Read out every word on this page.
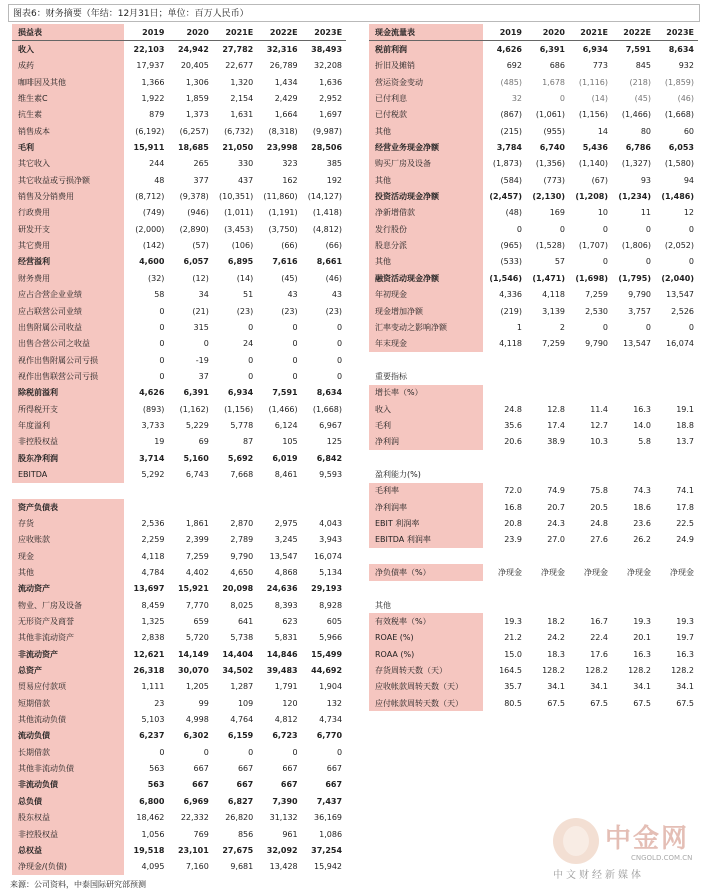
图表6：财务摘要（年结：12月31日；单位：百万人民币）
损益表	2019	2020	2021E	2022E	2023E
收入	22,103	24,942	27,782	32,316	38,493
成药	17,937	20,405	22,677	26,789	32,208
咖啡因及其他	1,366	1,306	1,320	1,434	1,636
维生素C	1,922	1,859	2,154	2,429	2,952
抗生素	879	1,373	1,631	1,664	1,697
销售成本	(6,192)	(6,257)	(6,732)	(8,318)	(9,987)
毛利	15,911	18,685	21,050	23,998	28,506
其它收入	244	265	330	323	385
其它收益或亏损净额	48	377	437	162	192
销售及分销费用	(8,712)	(9,378)	(10,351)	(11,860)	(14,127)
行政费用	(749)	(946)	(1,011)	(1,191)	(1,418)
研发开支	(2,000)	(2,890)	(3,453)	(3,750)	(4,812)
其它费用	(142)	(57)	(106)	(66)	(66)
经营溢利	4,600	6,057	6,895	7,616	8,661
财务费用	(32)	(12)	(14)	(45)	(46)
应占合营企业业绩	58	34	51	43	43
应占联营公司业绩	0	(21)	(23)	(23)	(23)
出售附属公司收益	0	315	0	0	0
出售合营公司之收益	0	0	24	0	0
视作出售附属公司亏损	0	-19	0	0	0
视作出售联营公司亏损	0	37	0	0	0
除税前溢利	4,626	6,391	6,934	7,591	8,634
所得税开支	(893)	(1,162)	(1,156)	(1,466)	(1,668)
年度溢利	3,733	5,229	5,778	6,124	6,967
非控股权益	19	69	87	105	125
股东净利润	3,714	5,160	5,692	6,019	6,842
EBITDA	5,292	6,743	7,668	8,461	9,593
资产负债表
存货	2,536	1,861	2,870	2,975	4,043
应收账款	2,259	2,399	2,789	3,245	3,943
现金	4,118	7,259	9,790	13,547	16,074
其他	4,784	4,402	4,650	4,868	5,134
流动资产	13,697	15,921	20,098	24,636	29,193
物业、厂房及设备	8,459	7,770	8,025	8,393	8,928
无形资产及商誉	1,325	659	641	623	605
其他非流动资产	2,838	5,720	5,738	5,831	5,966
非流动资产	12,621	14,149	14,404	14,846	15,499
总资产	26,318	30,070	34,502	39,483	44,692
贸易应付款项	1,111	1,205	1,287	1,791	1,904
短期借款	23	99	109	120	132
其他流动负债	5,103	4,998	4,764	4,812	4,734
流动负债	6,237	6,302	6,159	6,723	6,770
长期借款	0	0	0	0	0
其他非流动负债	563	667	667	667	667
非流动负债	563	667	667	667	667
总负债	6,800	6,969	6,827	7,390	7,437
股东权益	18,462	22,332	26,820	31,132	36,169
非控股权益	1,056	769	856	961	1,086
总权益	19,518	23,101	27,675	32,092	37,254
净现金/(负债)	4,095	7,160	9,681	13,428	15,942
现金流量表	2019	2020	2021E	2022E	2023E
税前利润	4,626	6,391	6,934	7,591	8,634
折旧及摊销	692	686	773	845	932
营运资金变动	(485)	1,678	(1,116)	(218)	(1,859)
已付利息	32	0	(14)	(45)	(46)
已付税款	(867)	(1,061)	(1,156)	(1,466)	(1,668)
其他	(215)	(955)	14	80	60
经营业务现金净额	3,784	6,740	5,436	6,786	6,053
购买厂房及设备	(1,873)	(1,356)	(1,140)	(1,327)	(1,580)
其他	(584)	(773)	(67)	93	94
投资活动现金净额	(2,457)	(2,130)	(1,208)	(1,234)	(1,486)
净新增借款	(48)	169	10	11	12
发行股份	0	0	0	0	0
股息分派	(965)	(1,528)	(1,707)	(1,806)	(2,052)
其他	(533)	57	0	0	0
融资活动现金净额	(1,546)	(1,471)	(1,698)	(1,795)	(2,040)
年初现金	4,336	4,118	7,259	9,790	13,547
现金增加净额	(219)	3,139	2,530	3,757	2,526
汇率变动之影响净额	1	2	0	0	0
年末现金	4,118	7,259	9,790	13,547	16,074
重要指标
增长率（%）
收入	24.8	12.8	11.4	16.3	19.1
毛利	35.6	17.4	12.7	14.0	18.8
净利润	20.6	38.9	10.3	5.8	13.7
盈利能力(%)
毛利率	72.0	74.9	75.8	74.3	74.1
净利润率	16.8	20.7	20.5	18.6	17.8
EBIT 利润率	20.8	24.3	24.8	23.6	22.5
EBITDA 利润率	23.9	27.0	27.6	26.2	24.9
净负债率（%）	净现金	净现金	净现金	净现金	净现金
其他
有效税率（%）	19.3	18.2	16.7	19.3	19.3
ROAE (%)	21.2	24.2	22.4	20.1	19.7
ROAA (%)	15.0	18.3	17.6	16.3	16.3
存货周转天数（天）	164.5	128.2	128.2	128.2	128.2
应收帐款周转天数（天）	35.7	34.1	34.1	34.1	34.1
应付帐款周转天数（天）	80.5	67.5	67.5	67.5	67.5
来源：公司资料，中泰国际研究部预测
中金网
CNGOLD.COM.CN
中文财经新媒体
